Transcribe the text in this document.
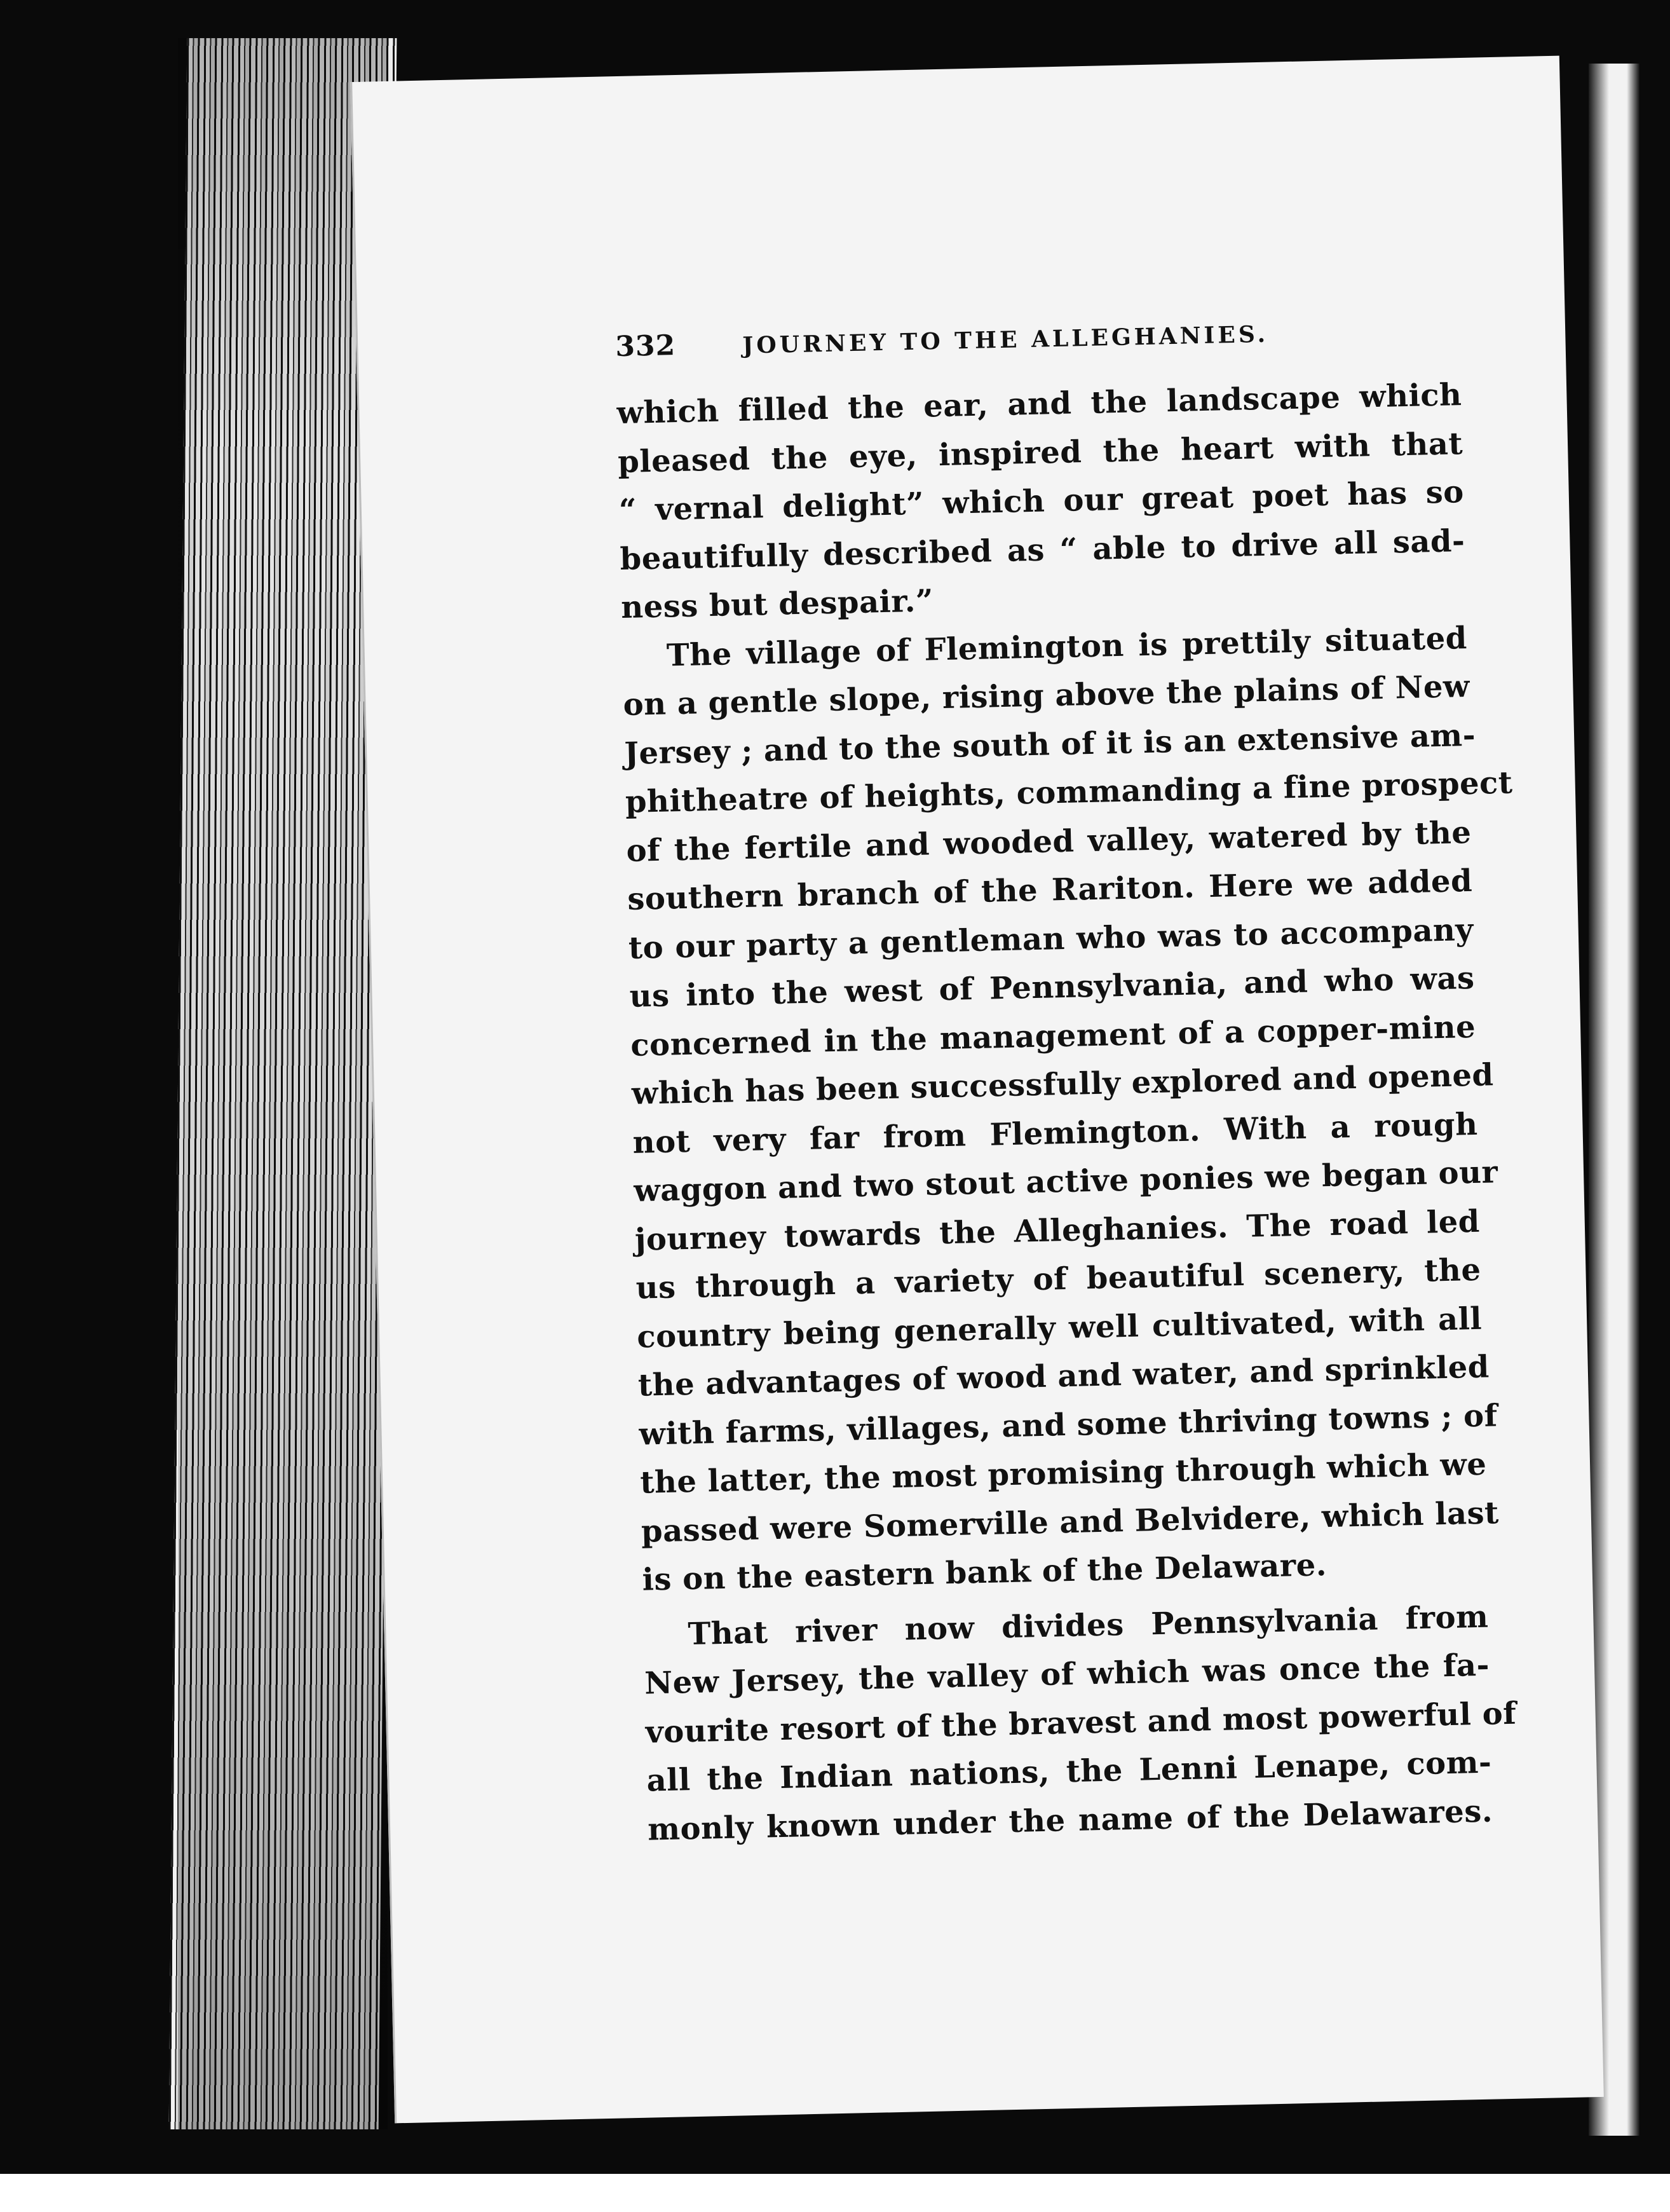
332	JOURNEY TO THE ALLEGHANIES.
which filled the ear, and the landscape which
pleased the eye, inspired the heart with that
“ vernal delight” which our great poet has so
beautifully described as “ able to drive all sad-
ness but despair.”
The village of Flemington is prettily situated
on a gentle slope, rising above the plains of New
Jersey ; and to the south of it is an extensive am-
phitheatre of heights, commanding a fine prospect
of the fertile and wooded valley, watered by the
southern branch of the Rariton. Here we added
to our party a gentleman who was to accompany
us into the west of Pennsylvania, and who was
concerned in the management of a copper-mine
which has been successfully explored and opened
not very far from Flemington. With a rough
waggon and two stout active ponies we began our
journey towards the Alleghanies. The road led
us through a variety of beautiful scenery, the
country being generally well cultivated, with all
the advantages of wood and water, and sprinkled
with farms, villages, and some thriving towns ; of
the latter, the most promising through which we
passed were Somerville and Belvidere, which last
is on the eastern bank of the Delaware.
That river now divides Pennsylvania from
New Jersey, the valley of which was once the fa-
vourite resort of the bravest and most powerful of
all the Indian nations, the Lenni Lenape, com-
monly known under the name of the Delawares.
